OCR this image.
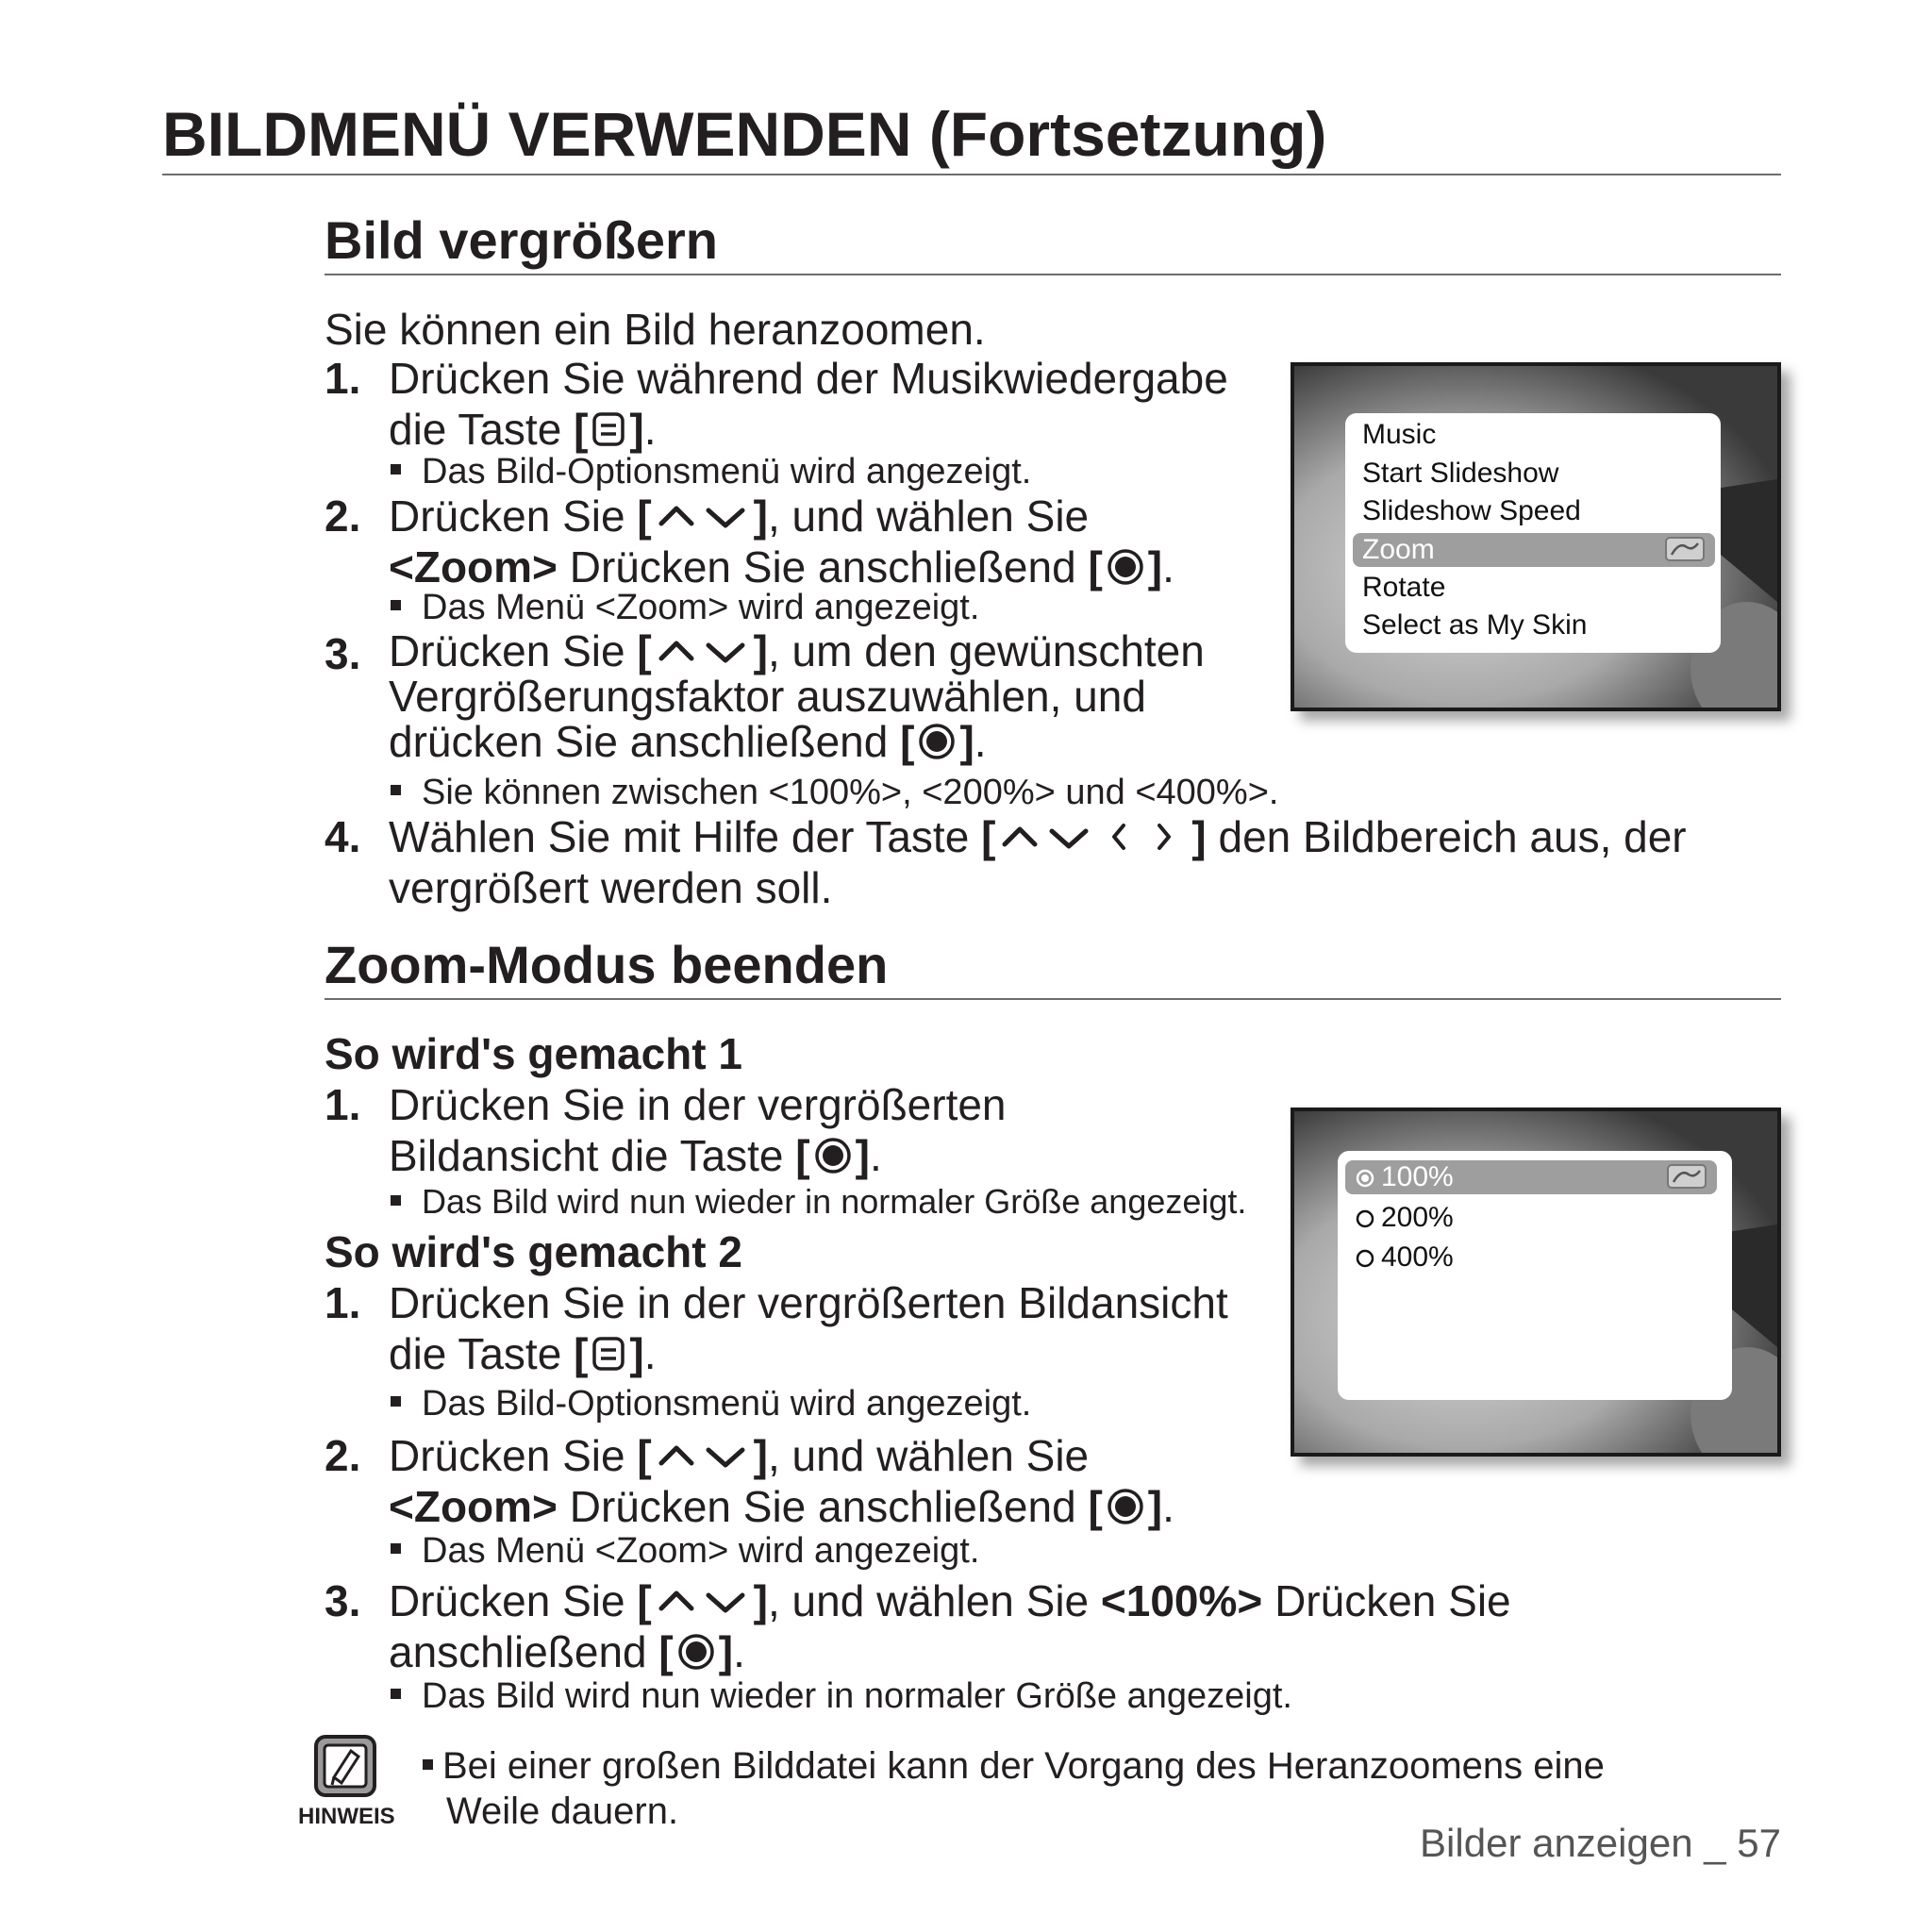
BILDMENÜ VERWENDEN (Fortsetzung)
Bild vergrößern
Sie können ein Bild heranzoomen.
1. Drücken Sie während der Musikwiedergabe
die Taste [ ].
Das Bild-Optionsmenü wird angezeigt.
2. Drücken Sie [ ], und wählen Sie
<Zoom> Drücken Sie anschließend [ ].
Das Menü <Zoom> wird angezeigt.
3. Drücken Sie [ ], um den gewünschten
Vergrößerungsfaktor auszuwählen, und
drücken Sie anschließend [ ].
Sie können zwischen <100%>, <200%> und <400%>.
4. Wählen Sie mit Hilfe der Taste [	] den Bildbereich aus, der
vergrößert werden soll.
Music
Start Slideshow
Slideshow Speed
Zoom
Rotate
Select as My Skin
Zoom-Modus beenden
So wird's gemacht 1
1. Drücken Sie in der vergrößerten
Bildansicht die Taste [ ].
Das Bild wird nun wieder in normaler Größe angezeigt.
So wird's gemacht 2
1. Drücken Sie in der vergrößerten Bildansicht
die Taste [ ].
Das Bild-Optionsmenü wird angezeigt.
2. Drücken Sie [ ], und wählen Sie
<Zoom> Drücken Sie anschließend [ ].
Das Menü <Zoom> wird angezeigt.
3. Drücken Sie [ ], und wählen Sie <100%> Drücken Sie
anschließend [ ].
Das Bild wird nun wieder in normaler Größe angezeigt.
100%
200%
400%
HINWEIS
Bei einer großen Bilddatei kann der Vorgang des Heranzoomens eine
Weile dauern.
Bilder anzeigen _ 57
